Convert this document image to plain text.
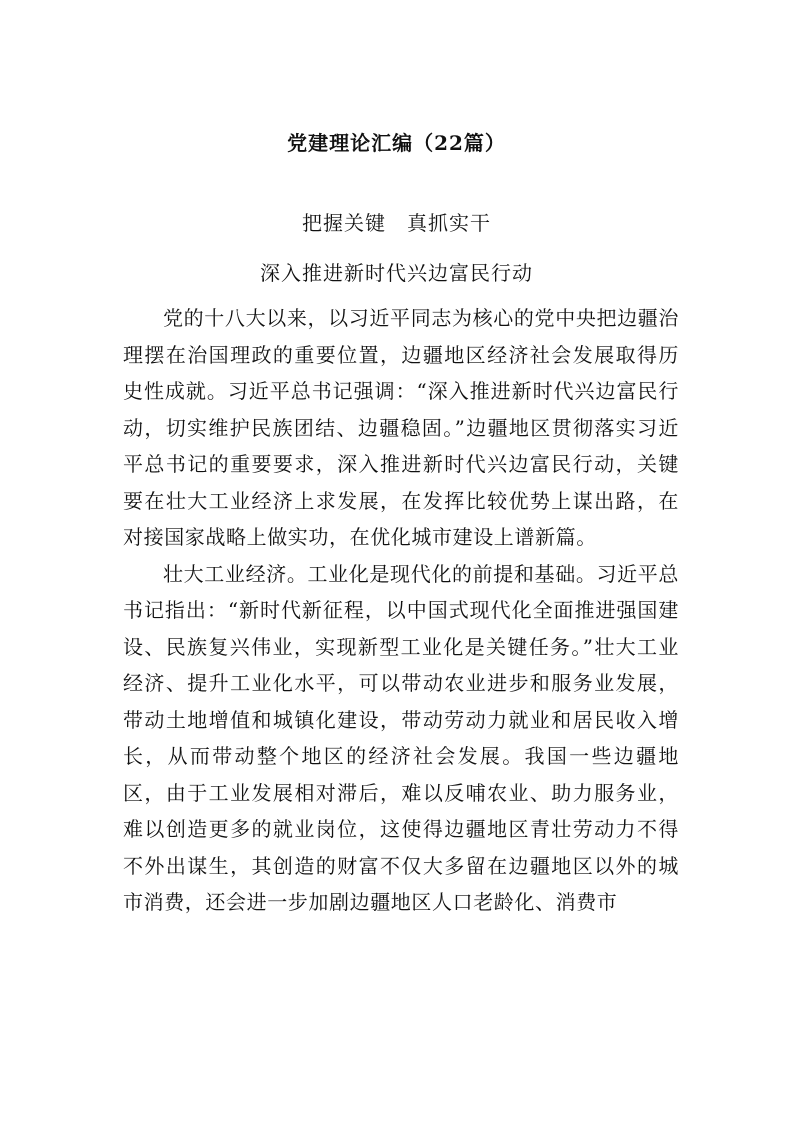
党建理论汇编（22篇）
把握关键　真抓实干
深入推进新时代兴边富民行动

党的十八大以来，以习近平同志为核心的党中央把边疆治理摆在治国理政的重要位置，边疆地区经济社会发展取得历史性成就。习近平总书记强调：“深入推进新时代兴边富民行动，切实维护民族团结、边疆稳固。”边疆地区贯彻落实习近平总书记的重要要求，深入推进新时代兴边富民行动，关键要在壮大工业经济上求发展，在发挥比较优势上谋出路，在对接国家战略上做实功，在优化城市建设上谱新篇。

壮大工业经济。工业化是现代化的前提和基础。习近平总书记指出：“新时代新征程，以中国式现代化全面推进强国建设、民族复兴伟业，实现新型工业化是关键任务。”壮大工业经济、提升工业化水平，可以带动农业进步和服务业发展，带动土地增值和城镇化建设，带动劳动力就业和居民收入增长，从而带动整个地区的经济社会发展。我国一些边疆地区，由于工业发展相对滞后，难以反哺农业、助力服务业，难以创造更多的就业岗位，这使得边疆地区青壮劳动力不得不外出谋生，其创造的财富不仅大多留在边疆地区以外的城市消费，还会进一步加剧边疆地区人口老龄化、消费市
